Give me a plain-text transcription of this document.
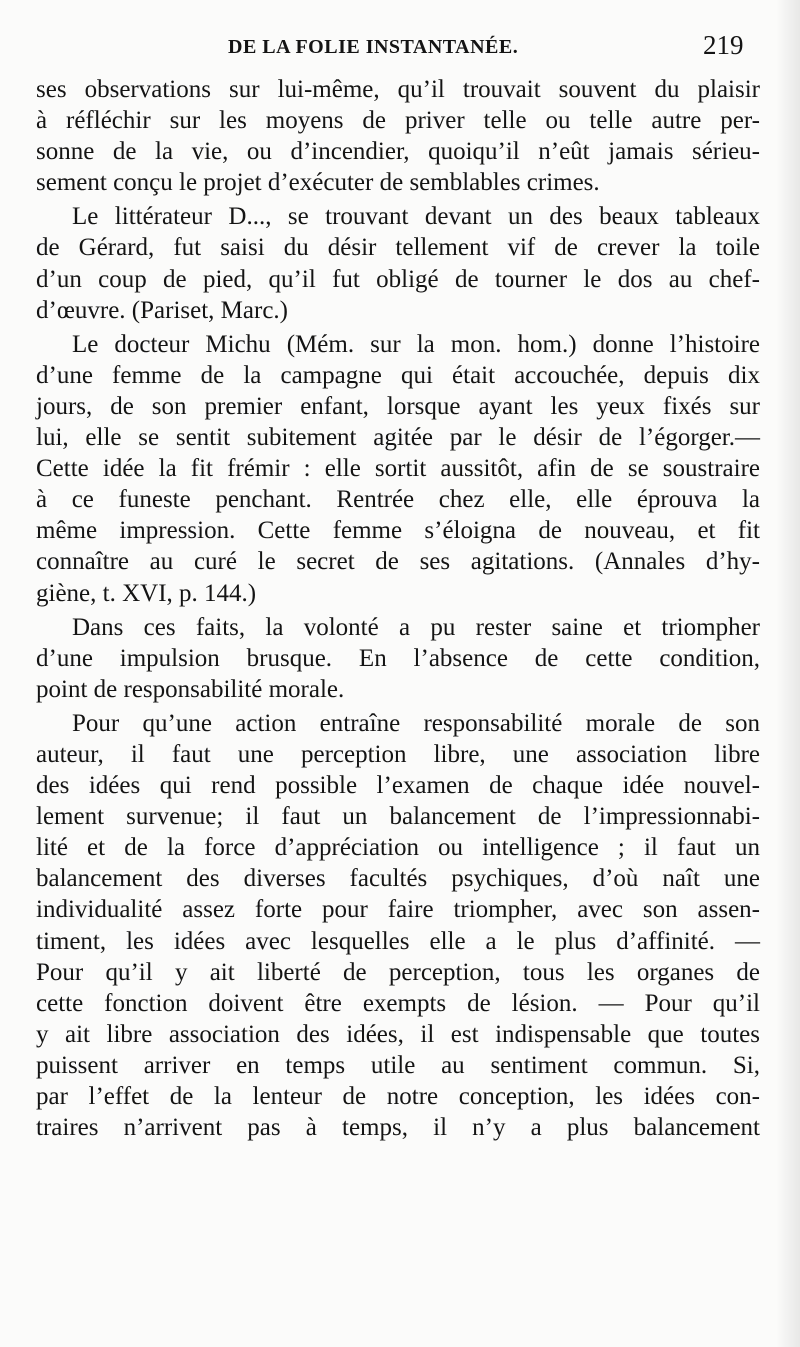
DE LA FOLIE INSTANTANÉE.	219
ses observations sur lui-même, qu’il trouvait souvent du plaisir
à réfléchir sur les moyens de priver telle ou telle autre per-
sonne de la vie, ou d’incendier, quoiqu’il n’eût jamais sérieu-
sement conçu le projet d’exécuter de semblables crimes.
Le littérateur D..., se trouvant devant un des beaux tableaux
de Gérard, fut saisi du désir tellement vif de crever la toile
d’un coup de pied, qu’il fut obligé de tourner le dos au chef-
d’œuvre. (Pariset, Marc.)
Le docteur Michu (Mém. sur la mon. hom.) donne l’histoire
d’une femme de la campagne qui était accouchée, depuis dix
jours, de son premier enfant, lorsque ayant les yeux fixés sur
lui, elle se sentit subitement agitée par le désir de l’égorger.—
Cette idée la fit frémir : elle sortit aussitôt, afin de se soustraire
à ce funeste penchant. Rentrée chez elle, elle éprouva la
même impression. Cette femme s’éloigna de nouveau, et fit
connaître au curé le secret de ses agitations. (Annales d’hy-
giène, t. XVI, p. 144.)
Dans ces faits, la volonté a pu rester saine et triompher
d’une impulsion brusque. En l’absence de cette condition,
point de responsabilité morale.
Pour qu’une action entraîne responsabilité morale de son
auteur, il faut une perception libre, une association libre
des idées qui rend possible l’examen de chaque idée nouvel-
lement survenue; il faut un balancement de l’impressionnabi-
lité et de la force d’appréciation ou intelligence ; il faut un
balancement des diverses facultés psychiques, d’où naît une
individualité assez forte pour faire triompher, avec son assen-
timent, les idées avec lesquelles elle a le plus d’affinité. —
Pour qu’il y ait liberté de perception, tous les organes de
cette fonction doivent être exempts de lésion. — Pour qu’il
y ait libre association des idées, il est indispensable que toutes
puissent arriver en temps utile au sentiment commun. Si,
par l’effet de la lenteur de notre conception, les idées con-
traires n’arrivent pas à temps, il n’y a plus balancement
